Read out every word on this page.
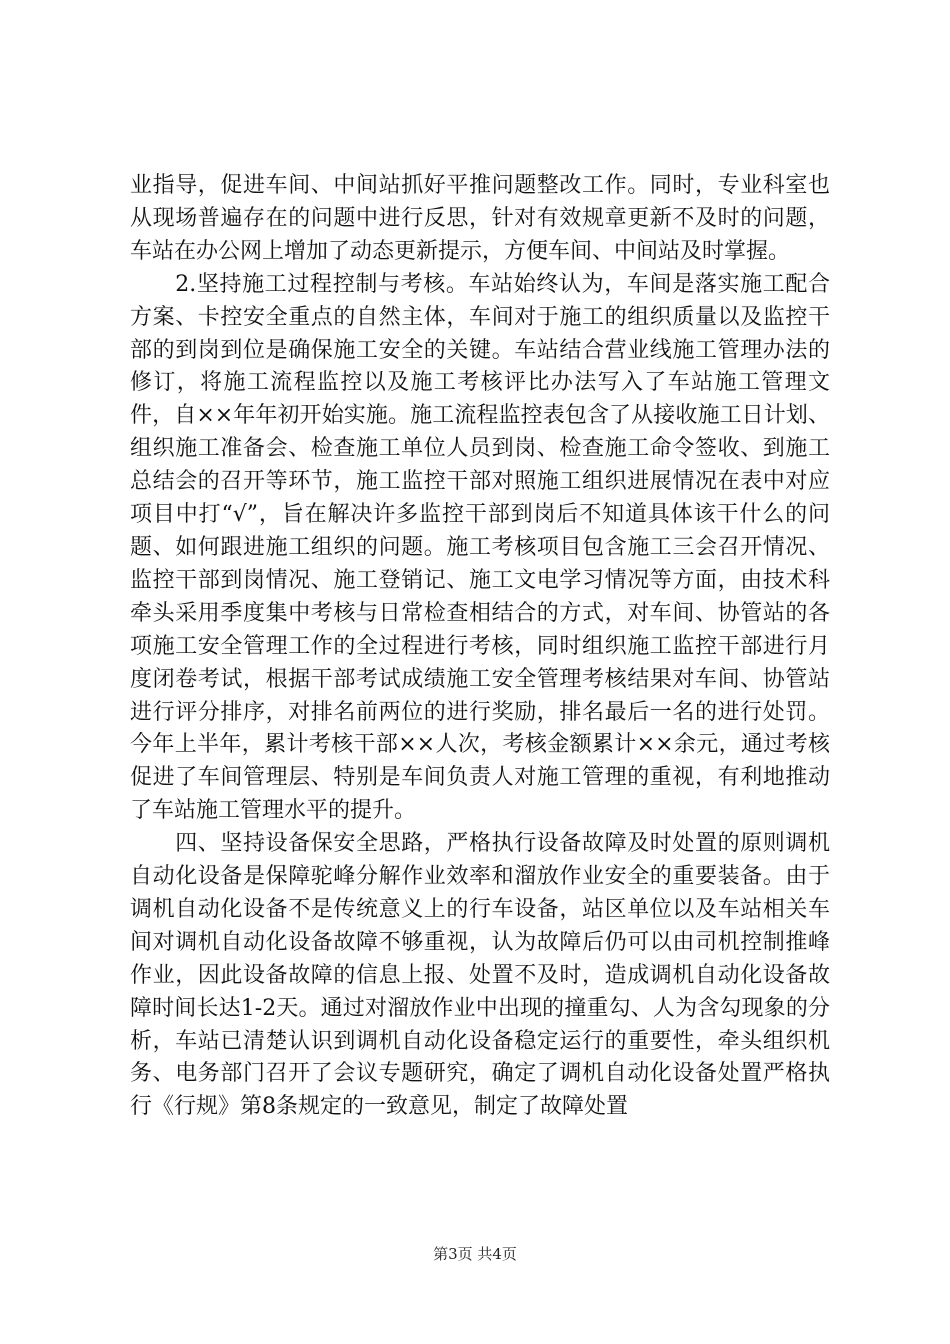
业指导，促进车间、中间站抓好平推问题整改工作。同时，专业科室也从现场普遍存在的问题中进行反思，针对有效规章更新不及时的问题，车站在办公网上增加了动态更新提示，方便车间、中间站及时掌握。

　　2.坚持施工过程控制与考核。车站始终认为，车间是落实施工配合方案、卡控安全重点的自然主体，车间对于施工的组织质量以及监控干部的到岗到位是确保施工安全的关键。车站结合营业线施工管理办法的修订，将施工流程监控以及施工考核评比办法写入了车站施工管理文件，自××年年初开始实施。施工流程监控表包含了从接收施工日计划、组织施工准备会、检查施工单位人员到岗、检查施工命令签收、到施工总结会的召开等环节，施工监控干部对照施工组织进展情况在表中对应项目中打“√”，旨在解决许多监控干部到岗后不知道具体该干什么的问题、如何跟进施工组织的问题。施工考核项目包含施工三会召开情况、监控干部到岗情况、施工登销记、施工文电学习情况等方面，由技术科牵头采用季度集中考核与日常检查相结合的方式，对车间、协管站的各项施工安全管理工作的全过程进行考核，同时组织施工监控干部进行月度闭卷考试，根据干部考试成绩施工安全管理考核结果对车间、协管站进行评分排序，对排名前两位的进行奖励，排名最后一名的进行处罚。今年上半年，累计考核干部××人次，考核金额累计××余元，通过考核促进了车间管理层、特别是车间负责人对施工管理的重视，有利地推动了车站施工管理水平的提升。

　　四、坚持设备保安全思路，严格执行设备故障及时处置的原则调机自动化设备是保障驼峰分解作业效率和溜放作业安全的重要装备。由于调机自动化设备不是传统意义上的行车设备，站区单位以及车站相关车间对调机自动化设备故障不够重视，认为故障后仍可以由司机控制推峰作业，因此设备故障的信息上报、处置不及时，造成调机自动化设备故障时间长达1-2天。通过对溜放作业中出现的撞重勾、人为含勾现象的分析，车站已清楚认识到调机自动化设备稳定运行的重要性，牵头组织机务、电务部门召开了会议专题研究，确定了调机自动化设备处置严格执行《行规》第8条规定的一致意见，制定了故障处置

第3页 共4页
